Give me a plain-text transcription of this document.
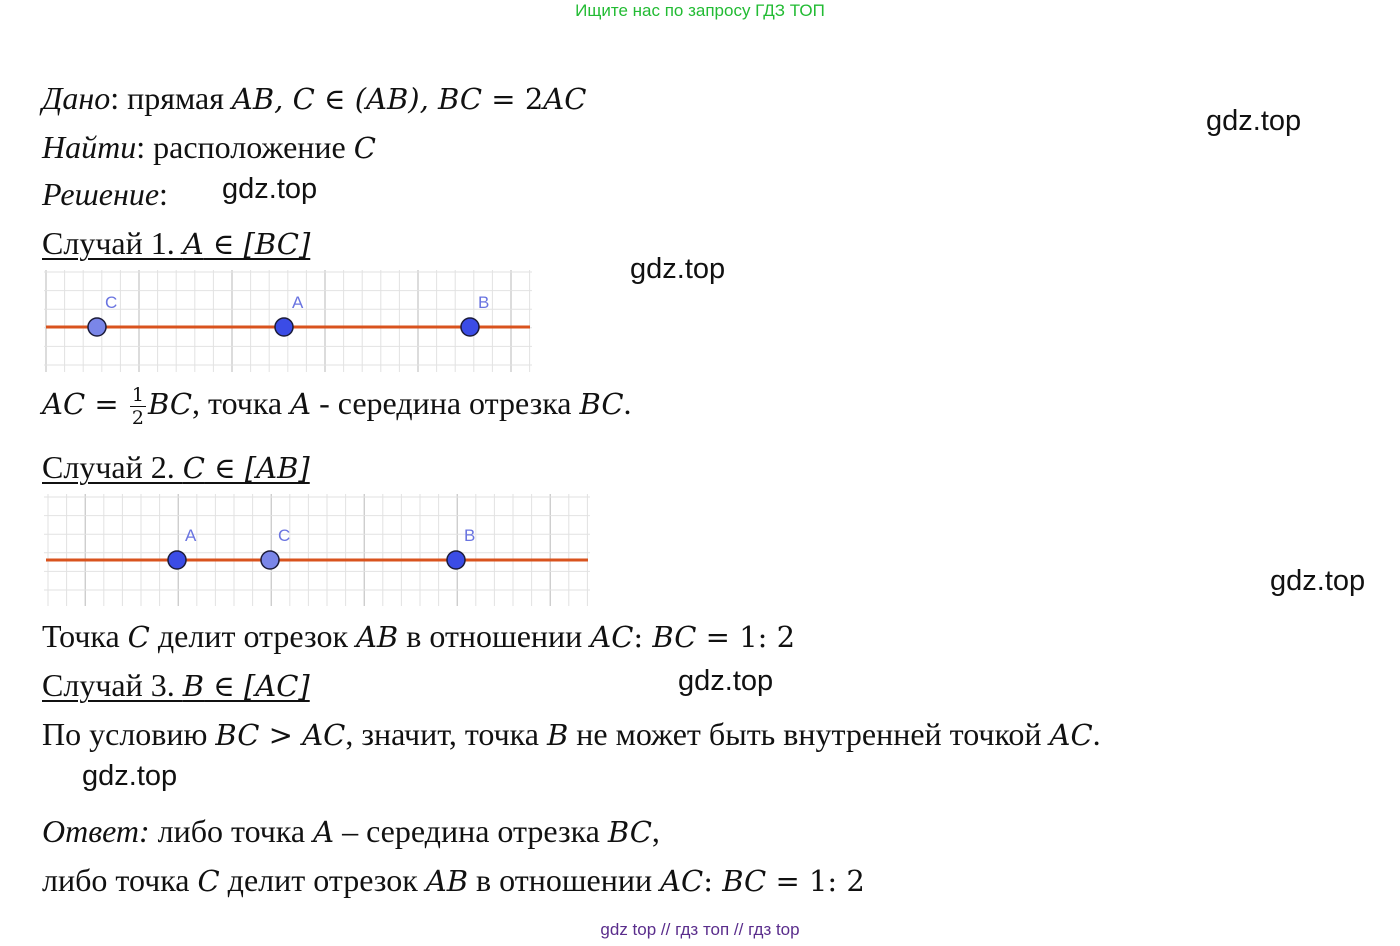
Ищите нас по запросу ГДЗ ТОП
gdz.top
gdz.top
gdz.top
gdz.top
gdz.top
gdz.top
Дано: прямая AB, C ∈ (AB), BC = 2AC
Найти: расположение C
Решение:
Случай 1. A ∈ [BC]
C	A	B
AC = $\frac{1}{2}$ BC, точка A - середина отрезка BC.
Случай 2. C ∈ [AB]
A	C	B
Точка C делит отрезок AB в отношении AC: BC = 1: 2
Случай 3. B ∈ [AC]
По условию BC > AC, значит, точка B не может быть внутренней точкой AC.
Ответ: либо точка A – середина отрезка BC,
либо точка C делит отрезок AB в отношении AC: BC = 1: 2
gdz top // гдз топ // гдз top
